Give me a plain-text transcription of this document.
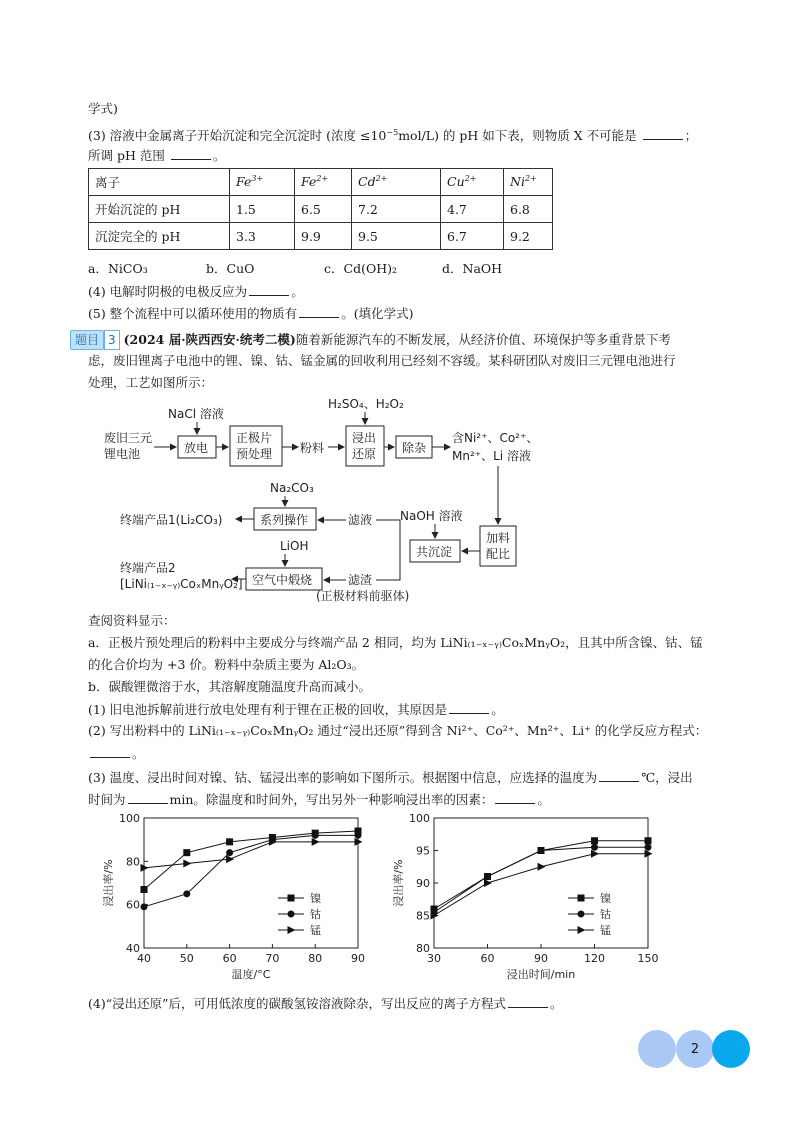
学式)
(3) 溶液中金属离子开始沉淀和完全沉淀时 (浓度 $\le 10^{-5}mol/L$) 的 pH 如下表，则物质 X 不可能是	；
所调 pH 范围	。
离子	$Fe^{3+}$	$Fe^{2+}$	$Cd^{2+}$	$Cu^{2+}$	$Ni^{2+}$
开始沉淀的 pH	1.5	6.5	7.2	4.7	6.8
沉淀完全的 pH	3.3	9.9	9.5	6.7	9.2
a．NiCO₃	b．CuO	c．Cd(OH)₂	d．NaOH
(4) 电解时阴极的电极反应为	。
(5) 整个流程中可以循环使用的物质有	。(填化学式)
题目 3 (2024 届·陕西西安·统考二模)随着新能源汽车的不断发展，从经济价值、环境保护等多重背景下考
虑，废旧锂离子电池中的锂、镍、钴、锰金属的回收利用已经刻不容缓。某科研团队对废旧三元锂电池进行
处理，工艺如图所示：
废旧三元
锂电池
NaCl 溶液
放电
正极片
预处理 粉料
H₂SO₄、H₂O₂
浸出
还原 除杂
含Ni²⁺、Co²⁺、
Mn²⁺、Li 溶液
加料
配比
NaOH 溶液
共沉淀
滤液
滤渣
(正极材料前驱体)
Na₂CO₃
系列操作
终端产品1(Li₂CO₃)
LiOH
空气中煅烧
终端产品2
[LiNi₍₁₋ₓ₋ᵧ₎CoₓMnᵧO₂]
查阅资料显示：
a．正极片预处理后的粉料中主要成分与终端产品 2 相同，均为 LiNi₍₁₋ₓ₋ᵧ₎CoₓMnᵧO₂，且其中所含镍、钴、锰
的化合价均为 +3 价。粉料中杂质主要为 Al₂O₃。
b．碳酸锂微溶于水，其溶解度随温度升高而减小。
(1) 旧电池拆解前进行放电处理有利于锂在正极的回收，其原因是	。
(2) 写出粉料中的 LiNi₍₁₋ₓ₋ᵧ₎CoₓMnᵧO₂ 通过“浸出还原”得到含 Ni²⁺、Co²⁺、Mn²⁺、Li⁺ 的化学反应方程式：
。
(3) 温度、浸出时间对镍、钴、锰浸出率的影响如下图所示。根据图中信息，应选择的温度为	℃，浸出
时间为	min。除温度和时间外，写出另外一种影响浸出率的因素：	。
40	50	60	70	80	90
40
60
80
100
温度/°C
浸出率/%	镍
钴
锰
30	60	90	120	150
80
85
90
95
100
浸出时间/min
浸出率/%	镍
钴
锰
(4)“浸出还原”后，可用低浓度的碳酸氢铵溶液除杂，写出反应的离子方程式	。
2
